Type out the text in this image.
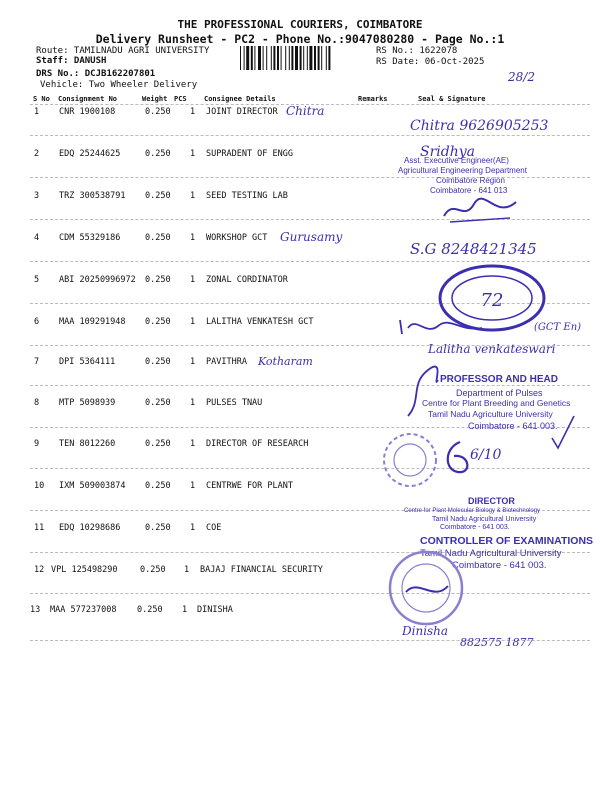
THE PROFESSIONAL COURIERS, COIMBATORE
Delivery Runsheet - PC2 - Phone No.:9047080280 - Page No.:1
Route: TAMILNADU AGRI UNIVERSITY
Staff: DANUSH
DRS No.: DCJB162207801
Vehicle: Two Wheeler Delivery
RS No.: 1622078
RS Date: 06-Oct-2025
28/2
S No Consignment No	Weight PCS Consignee Details	Remarks	Seal & Signature
1 CNR 1900108	0.250 1 JOINT DIRECTOR
2 EDQ 25244625	0.250 1 SUPRADENT OF ENGG
3 TRZ 300538791 0.250 1 SEED TESTING LAB
4 CDM 55329186	0.250 1 WORKSHOP GCT
5 ABI 20250996972 0.250 1 ZONAL CORDINATOR
6 MAA 109291948 0.250 1 LALITHA VENKATESH GCT
7 DPI 5364111	0.250 1 PAVITHRA
8 MTP 5098939	0.250 1 PULSES TNAU
9 TEN 8012260	0.250 1 DIRECTOR OF RESEARCH
10 IXM 509003874 0.250 1 CENTRWE FOR PLANT
11 EDQ 10298686	0.250 1 COE
12 VPL 125498290	0.250 1 BAJAJ FINANCIAL SECURITY
13 MAA 577237008 0.250 1 DINISHA
Chitra
Chitra 9626905253
Sridhya
Gurusamy
S.G 8248421345
(GCT En)
Kotharam
Lalitha venkateswari
6/10
Dinisha
882575 1877
Asst. Executive Engineer(AE)
Agricultural Engineering Department
Coimbatore Region
Coimbatore - 641 013
72
PROFESSOR AND HEAD
Department of Pulses
Centre for Plant Breeding and Genetics
Tamil Nadu Agriculture University
Coimbatore - 641 003.
DIRECTOR
Centre for Plant Molecular Biology & Biotechnology
Tamil Nadu Agricultural University
Coimbatore - 641 003.
CONTROLLER OF EXAMINATIONS
Tamil Nadu Agricultural University
Coimbatore - 641 003.
